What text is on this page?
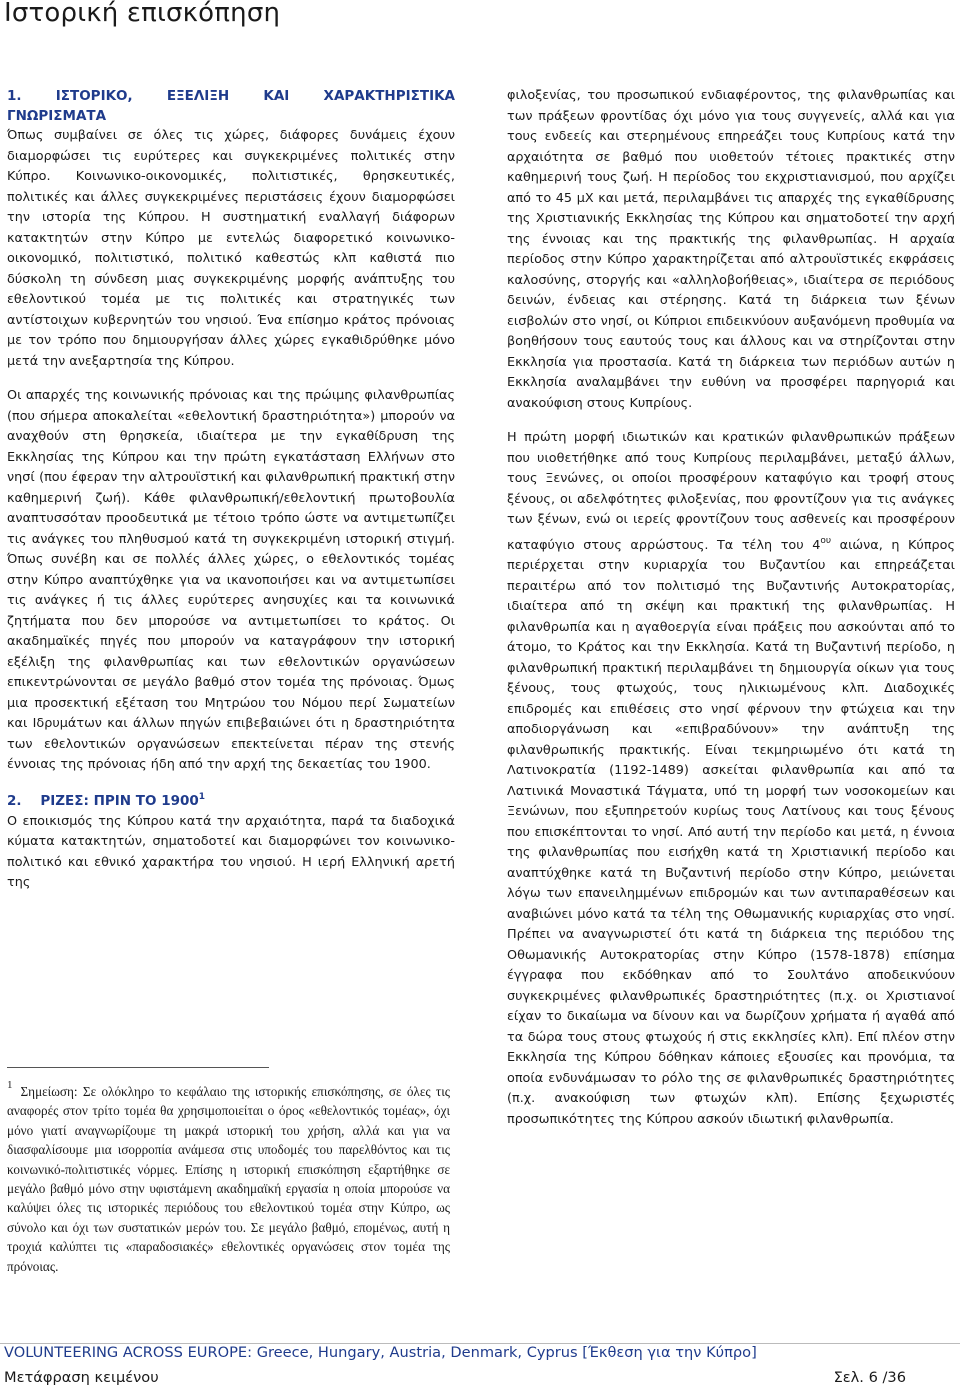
Ιστορική επισκόπηση

1. ΙΣΤΟΡΙΚΟ, ΕΞΕΛΙΞΗ ΚΑΙ ΧΑΡΑΚΤΗΡΙΣΤΙΚΑ

ΓΝΩΡΙΣΜΑΤΑ

Όπως συμβαίνει σε όλες τις χώρες, διάφορες δυνάμεις έχουν διαμορφώσει τις ευρύτερες και συγκεκριμένες πολιτικές στην Κύπρο. Κοινωνικο-οικονομικές, πολιτιστικές, θρησκευτικές, πολιτικές και άλλες συγκεκριμένες περιστάσεις έχουν διαμορφώσει την ιστορία της Κύπρου. Η συστηματική εναλλαγή διάφορων κατακτητών στην Κύπρο με εντελώς διαφορετικό κοινωνικο-οικονομικό, πολιτιστικό, πολιτικό καθεστώς κλπ καθιστά πιο δύσκολη τη σύνδεση μιας συγκεκριμένης μορφής ανάπτυξης του εθελοντικού τομέα με τις πολιτικές και στρατηγικές των αντίστοιχων κυβερνητών του νησιού. Ένα επίσημο κράτος πρόνοιας με τον τρόπο που δημιουργήσαν άλλες χώρες εγκαθιδρύθηκε μόνο μετά την ανεξαρτησία της Κύπρου.

Οι απαρχές της κοινωνικής πρόνοιας και της πρώιμης φιλανθρωπίας (που σήμερα αποκαλείται «εθελοντική δραστηριότητα») μπορούν να αναχθούν στη θρησκεία, ιδιαίτερα με την εγκαθίδρυση της Εκκλησίας της Κύπρου και την πρώτη εγκατάσταση Ελλήνων στο νησί (που έφεραν την αλτρουϊστική και φιλανθρωπική πρακτική στην καθημερινή ζωή). Κάθε φιλανθρωπική/εθελοντική πρωτοβουλία αναπτυσσόταν προοδευτικά με τέτοιο τρόπο ώστε να αντιμετωπίζει τις ανάγκες του πληθυσμού κατά τη συγκεκριμένη ιστορική στιγμή. Όπως συνέβη και σε πολλές άλλες χώρες, ο εθελοντικός τομέας στην Κύπρο αναπτύχθηκε για να ικανοποιήσει και να αντιμετωπίσει τις ανάγκες ή τις άλλες ευρύτερες ανησυχίες και τα κοινωνικά ζητήματα που δεν μπορούσε να αντιμετωπίσει το κράτος. Οι ακαδημαϊκές πηγές που μπορούν να καταγράφουν την ιστορική εξέλιξη της φιλανθρωπίας και των εθελοντικών οργανώσεων επικεντρώνονται σε μεγάλο βαθμό στον τομέα της πρόνοιας. Όμως μια προσεκτική εξέταση του Μητρώου του Νόμου περί Σωματείων και Ιδρυμάτων και άλλων πηγών επιβεβαιώνει ότι η δραστηριότητα των εθελοντικών οργανώσεων επεκτείνεται πέραν της στενής έννοιας της πρόνοιας ήδη από την αρχή της δεκαετίας του 1900.

2. ΡΙΖΕΣ: ΠΡΙΝ ΤΟ 1900$^1$

Ο εποικισμός της Κύπρου κατά την αρχαιότητα, παρά τα διαδοχικά κύματα κατακτητών, σηματοδοτεί και διαμορφώνει τον κοινωνικο-πολιτικό και εθνικό χαρακτήρα του νησιού. Η ιερή Ελληνική αρετή της

φιλοξενίας, του προσωπικού ενδιαφέροντος, της φιλανθρωπίας και των πράξεων φροντίδας όχι μόνο για τους συγγενείς, αλλά και για τους ενδεείς και στερημένους επηρεάζει τους Κυπρίους κατά την αρχαιότητα σε βαθμό που υιοθετούν τέτοιες πρακτικές στην καθημερινή τους ζωή. Η περίοδος του εκχριστιανισμού, που αρχίζει από το 45 μΧ και μετά, περιλαμβάνει τις απαρχές της εγκαθίδρυσης της Χριστιανικής Εκκλησίας της Κύπρου και σηματοδοτεί την αρχή της έννοιας και της πρακτικής της φιλανθρωπίας. Η αρχαία περίοδος στην Κύπρο χαρακτηρίζεται από αλτρουϊστικές εκφράσεις καλοσύνης, στοργής και «αλληλοβοήθειας», ιδιαίτερα σε περιόδους δεινών, ένδειας και στέρησης. Κατά τη διάρκεια των ξένων εισβολών στο νησί, οι Κύπριοι επιδεικνύουν αυξανόμενη προθυμία να βοηθήσουν τους εαυτούς τους και άλλους και να στηρίζονται στην Εκκλησία για προστασία. Κατά τη διάρκεια των περιόδων αυτών η Εκκλησία αναλαμβάνει την ευθύνη να προσφέρει παρηγοριά και ανακούφιση στους Κυπρίους.

Η πρώτη μορφή ιδιωτικών και κρατικών φιλανθρωπικών πράξεων που υιοθετήθηκε από τους Κυπρίους περιλαμβάνει, μεταξύ άλλων, τους Ξενώνες, οι οποίοι προσφέρουν καταφύγιο και τροφή στους ξένους, οι αδελφότητες φιλοξενίας, που φροντίζουν για τις ανάγκες των ξένων, ενώ οι ιερείς φροντίζουν τους ασθενείς και προσφέρουν καταφύγιο στους αρρώστους. Τα τέλη του 4$^{o\upsilon}$ αιώνα, η Κύπρος περιέρχεται στην κυριαρχία του Βυζαντίου και επηρεάζεται περαιτέρω από τον πολιτισμό της Βυζαντινής Αυτοκρατορίας, ιδιαίτερα από τη σκέψη και πρακτική της φιλανθρωπίας. Η φιλανθρωπία και η αγαθοεργία είναι πράξεις που ασκούνται από το άτομο, το Κράτος και την Εκκλησία. Κατά τη Βυζαντινή περίοδο, η φιλανθρωπική πρακτική περιλαμβάνει τη δημιουργία οίκων για τους ξένους, τους φτωχούς, τους ηλικιωμένους κλπ. Διαδοχικές επιδρομές και επιθέσεις στο νησί φέρνουν την φτώχεια και την αποδιοργάνωση και «επιβραδύνουν» την ανάπτυξη της φιλανθρωπικής πρακτικής. Είναι τεκμηριωμένο ότι κατά τη Λατινοκρατία (1192-1489) ασκείται φιλανθρωπία και από τα Λατινικά Μοναστικά Τάγματα, υπό τη μορφή των νοσοκομείων και Ξενώνων, που εξυπηρετούν κυρίως τους Λατίνους και τους ξένους που επισκέπτονται το νησί. Από αυτή την περίοδο και μετά, η έννοια της φιλανθρωπίας που εισήχθη κατά τη Χριστιανική περίοδο και αναπτύχθηκε κατά τη Βυζαντινή περίοδο στην Κύπρο, μειώνεται λόγω των επανειλημμένων επιδρομών και των αντιπαραθέσεων και αναβιώνει μόνο κατά τα τέλη της Οθωμανικής κυριαρχίας στο νησί. Πρέπει να αναγνωριστεί ότι κατά τη διάρκεια της περιόδου της Οθωμανικής Αυτοκρατορίας στην Κύπρο (1578-1878) επίσημα έγγραφα που εκδόθηκαν από το Σουλτάνο αποδεικνύουν συγκεκριμένες φιλανθρωπικές δραστηριότητες (π.χ. οι Χριστιανοί είχαν το δικαίωμα να δίνουν και να δωρίζουν χρήματα ή αγαθά από τα δώρα τους στους φτωχούς ή στις εκκλησίες κλπ). Επί πλέον στην Εκκλησία της Κύπρου δόθηκαν κάποιες εξουσίες και προνόμια, τα οποία ενδυνάμωσαν το ρόλο της σε φιλανθρωπικές δραστηριότητες (π.χ. ανακούφιση των φτωχών κλπ). Επίσης ξεχωριστές προσωπικότητες της Κύπρου ασκούν ιδιωτική φιλανθρωπία.

$^1$ Σημείωση: Σε ολόκληρο το κεφάλαιο της ιστορικής επισκόπησης, σε όλες τις αναφορές στον τρίτο τομέα θα χρησιμοποιείται ο όρος «εθελοντικός τομέας», όχι μόνο γιατί αναγνωρίζουμε τη μακρά ιστορική του χρήση, αλλά και για να διασφαλίσουμε μια ισορροπία ανάμεσα στις υποδομές του παρελθόντος και τις κοινωνικό-πολιτιστικές νόρμες. Επίσης η ιστορική επισκόπηση εξαρτήθηκε σε μεγάλο βαθμό μόνο στην υφιστάμενη ακαδημαϊκή εργασία η οποία μπορούσε να καλύψει όλες τις ιστορικές περιόδους του εθελοντικού τομέα στην Κύπρο, ως σύνολο και όχι των συστατικών μερών του. Σε μεγάλο βαθμό, επομένως, αυτή η τροχιά καλύπτει τις «παραδοσιακές» εθελοντικές οργανώσεις στον τομέα της πρόνοιας.
VOLUNTEERING ACROSS EUROPE: Greece, Hungary, Austria, Denmark, Cyprus [Έκθεση για την Κύπρο]
Μετάφραση κειμένου	Σελ. 6 /36
